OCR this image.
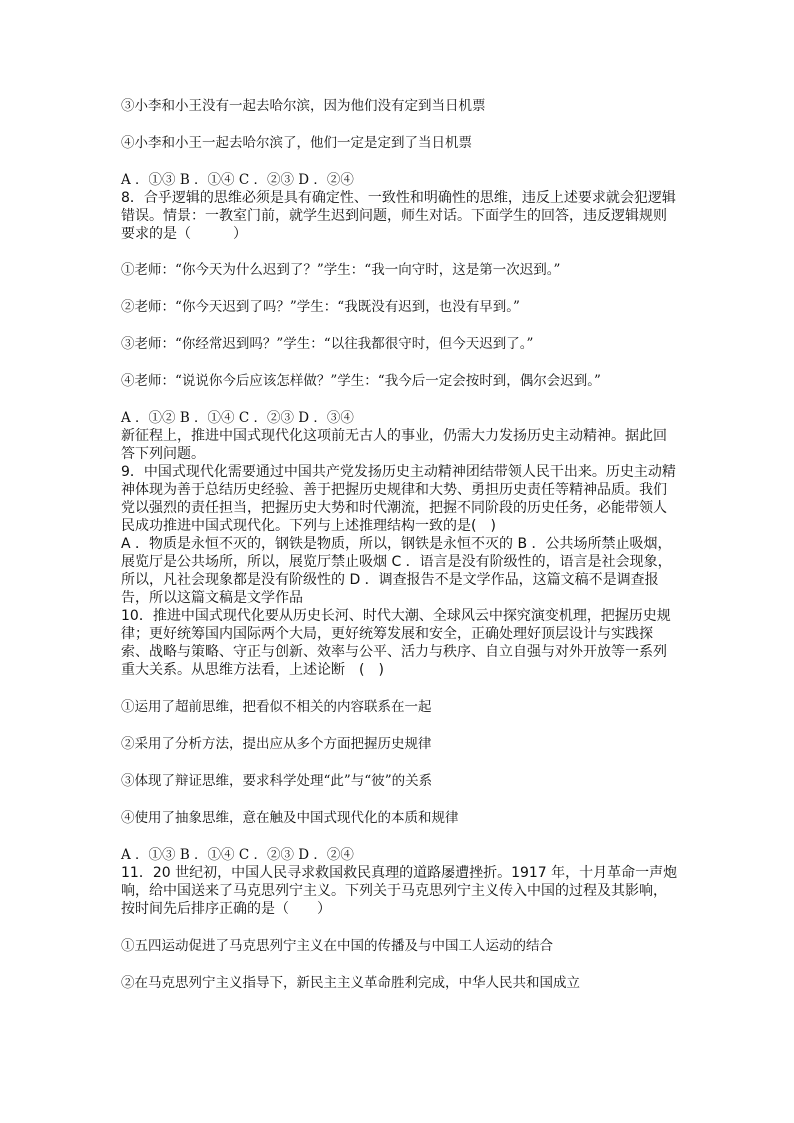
③小李和小王没有一起去哈尔滨，因为他们没有定到当日机票
④小李和小王一起去哈尔滨了，他们一定是定到了当日机票
A ．①③ B ．①④ C ．②③ D ．②④
8．合乎逻辑的思维必须是具有确定性、一致性和明确性的思维，违反上述要求就会犯逻辑
错误。情景：一教室门前，就学生迟到问题，师生对话。下面学生的回答，违反逻辑规则
要求的是（　　　）
①老师：“你今天为什么迟到了？”学生：“我一向守时，这是第一次迟到。”
②老师：“你今天迟到了吗？”学生：“我既没有迟到，也没有早到。”
③老师：“你经常迟到吗？”学生：“以往我都很守时，但今天迟到了。”
④老师：“说说你今后应该怎样做？”学生：“我今后一定会按时到，偶尔会迟到。”
A ．①② B ．①④ C ．②③ D ．③④
新征程上，推进中国式现代化这项前无古人的事业，仍需大力发扬历史主动精神。据此回
答下列问题。
9．中国式现代化需要通过中国共产党发扬历史主动精神团结带领人民干出来。历史主动精
神体现为善于总结历史经验、善于把握历史规律和大势、勇担历史责任等精神品质。我们
党以强烈的责任担当，把握历史大势和时代潮流，把握不同阶段的历史任务，必能带领人
民成功推进中国式现代化。下列与上述推理结构一致的是(　)
A ．物质是永恒不灭的，钢铁是物质，所以，钢铁是永恒不灭的 B ．公共场所禁止吸烟，
展览厅是公共场所，所以，展览厅禁止吸烟 C ．语言是没有阶级性的，语言是社会现象，
所以，凡社会现象都是没有阶级性的 D ．调查报告不是文学作品，这篇文稿不是调查报
告，所以这篇文稿是文学作品
10．推进中国式现代化要从历史长河、时代大潮、全球风云中探究演变机理，把握历史规
律；更好统筹国内国际两个大局，更好统筹发展和安全，正确处理好顶层设计与实践探
索、战略与策略、守正与创新、效率与公平、活力与秩序、自立自强与对外开放等一系列
重大关系。从思维方法看，上述论断　(　)
①运用了超前思维，把看似不相关的内容联系在一起
②采用了分析方法，提出应从多个方面把握历史规律
③体现了辩证思维，要求科学处理“此”与“彼”的关系
④使用了抽象思维，意在触及中国式现代化的本质和规律
A ．①③ B ．①④ C ．②③ D ．②④
11．20 世纪初，中国人民寻求救国救民真理的道路屡遭挫折。1917 年，十月革命一声炮
响，给中国送来了马克思列宁主义。下列关于马克思列宁主义传入中国的过程及其影响，
按时间先后排序正确的是（　　）
①五四运动促进了马克思列宁主义在中国的传播及与中国工人运动的结合
②在马克思列宁主义指导下，新民主主义革命胜利完成，中华人民共和国成立
